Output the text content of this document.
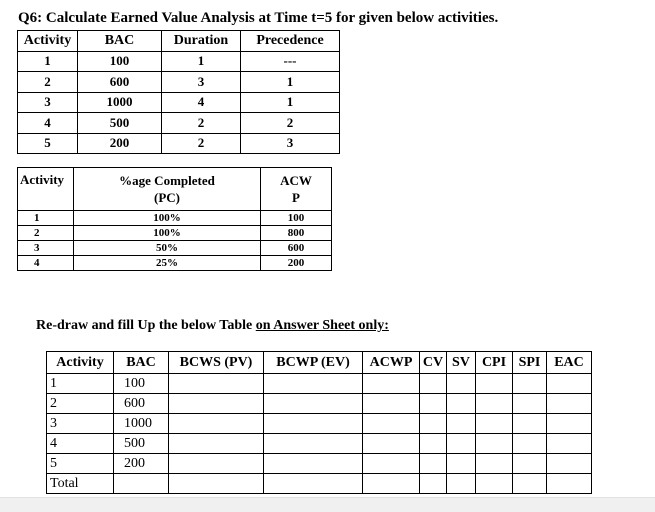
Q6: Calculate Earned Value Analysis at Time t=5 for given below activities.
Activity	BAC	Duration	Precedence
1	100	1	---
2	600	3	1
3	1000	4	1
4	500	2	2
5	200	2	3
Activity	%age Completed (PC)	ACW P
1	100%	100
2	100%	800
3	50%	600
4	25%	200
Re-draw and fill Up the below Table on Answer Sheet only:
Activity	BAC	BCWS (PV)	BCWP (EV)	ACWP	CV	SV	CPI	SPI	EAC
1	100								
2	600								
3	1000								
4	500								
5	200								
Total									
